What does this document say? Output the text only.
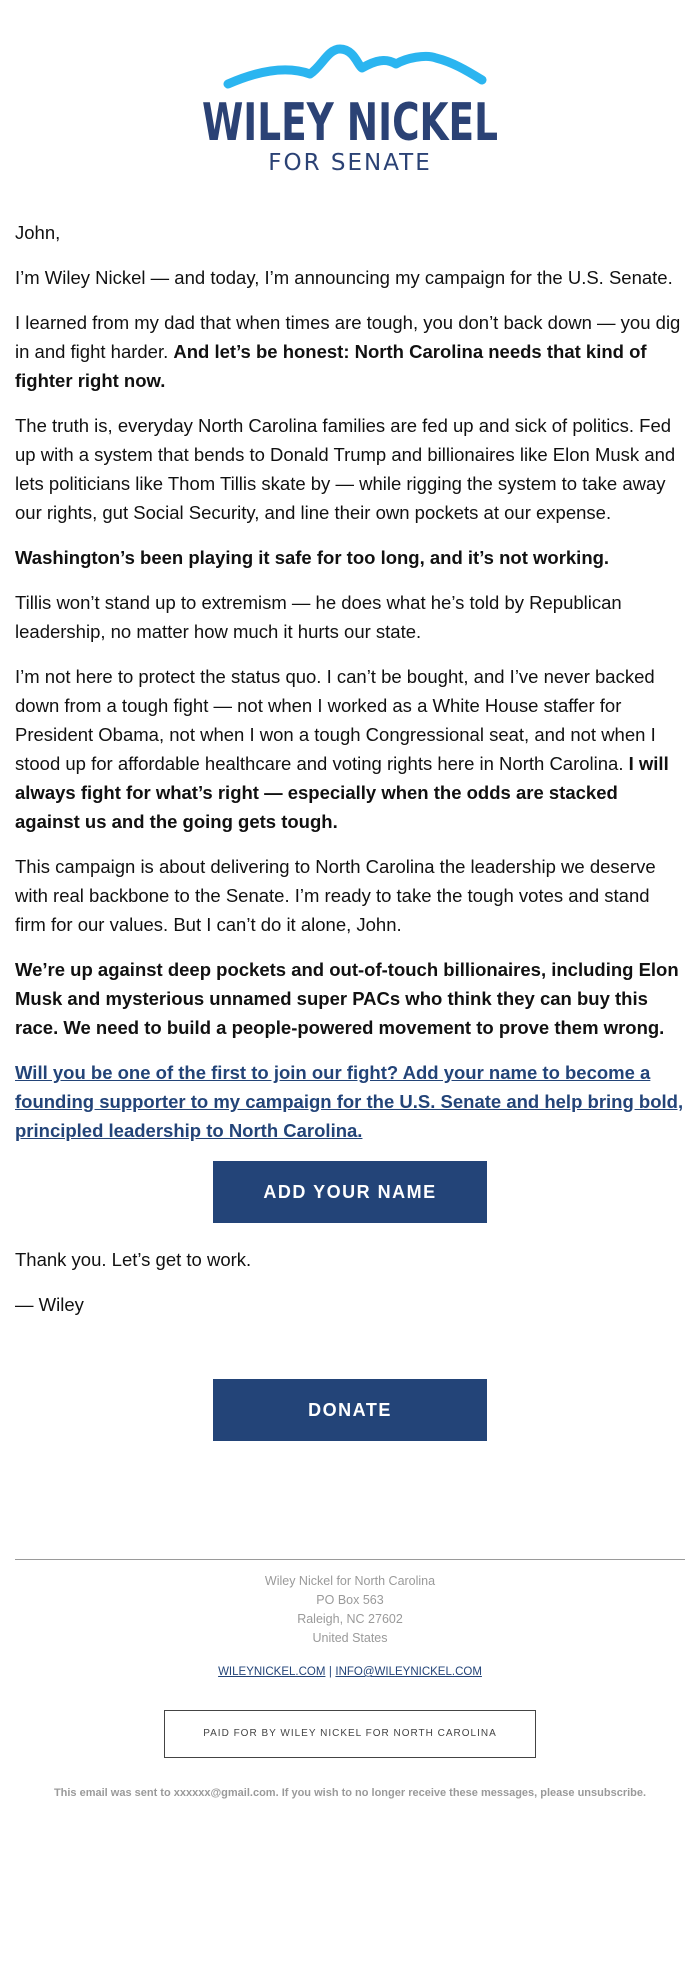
WILEY NICKEL
FOR SENATE

John,

I’m Wiley Nickel — and today, I’m announcing my campaign for the U.S. Senate.

I learned from my dad that when times are tough, you don’t back down — you dig in and fight harder. And let’s be honest: North Carolina needs that kind of fighter right now.

The truth is, everyday North Carolina families are fed up and sick of politics. Fed up with a system that bends to Donald Trump and billionaires like Elon Musk and lets politicians like Thom Tillis skate by — while rigging the system to take away our rights, gut Social Security, and line their own pockets at our expense.

Washington’s been playing it safe for too long, and it’s not working.

Tillis won’t stand up to extremism — he does what he’s told by Republican leadership, no matter how much it hurts our state.

I’m not here to protect the status quo. I can’t be bought, and I’ve never backed down from a tough fight — not when I worked as a White House staffer for President Obama, not when I won a tough Congressional seat, and not when I stood up for affordable healthcare and voting rights here in North Carolina. I will always fight for what’s right — especially when the odds are stacked against us and the going gets tough.

This campaign is about delivering to North Carolina the leadership we deserve with real backbone to the Senate. I’m ready to take the tough votes and stand firm for our values. But I can’t do it alone, John.

We’re up against deep pockets and out-of-touch billionaires, including Elon Musk and mysterious unnamed super PACs who think they can buy this race. We need to build a people-powered movement to prove them wrong.

Will you be one of the first to join our fight? Add your name to become a founding supporter to my campaign for the U.S. Senate and help bring bold, principled leadership to North Carolina.

ADD YOUR NAME

Thank you. Let’s get to work.

— Wiley

DONATE
Wiley Nickel for North Carolina
PO Box 563
Raleigh, NC 27602
United States
WILEYNICKEL.COM | INFO@WILEYNICKEL.COM
PAID FOR BY WILEY NICKEL FOR NORTH CAROLINA
This email was sent to xxxxxx@gmail.com. If you wish to no longer receive these messages, please unsubscribe.
